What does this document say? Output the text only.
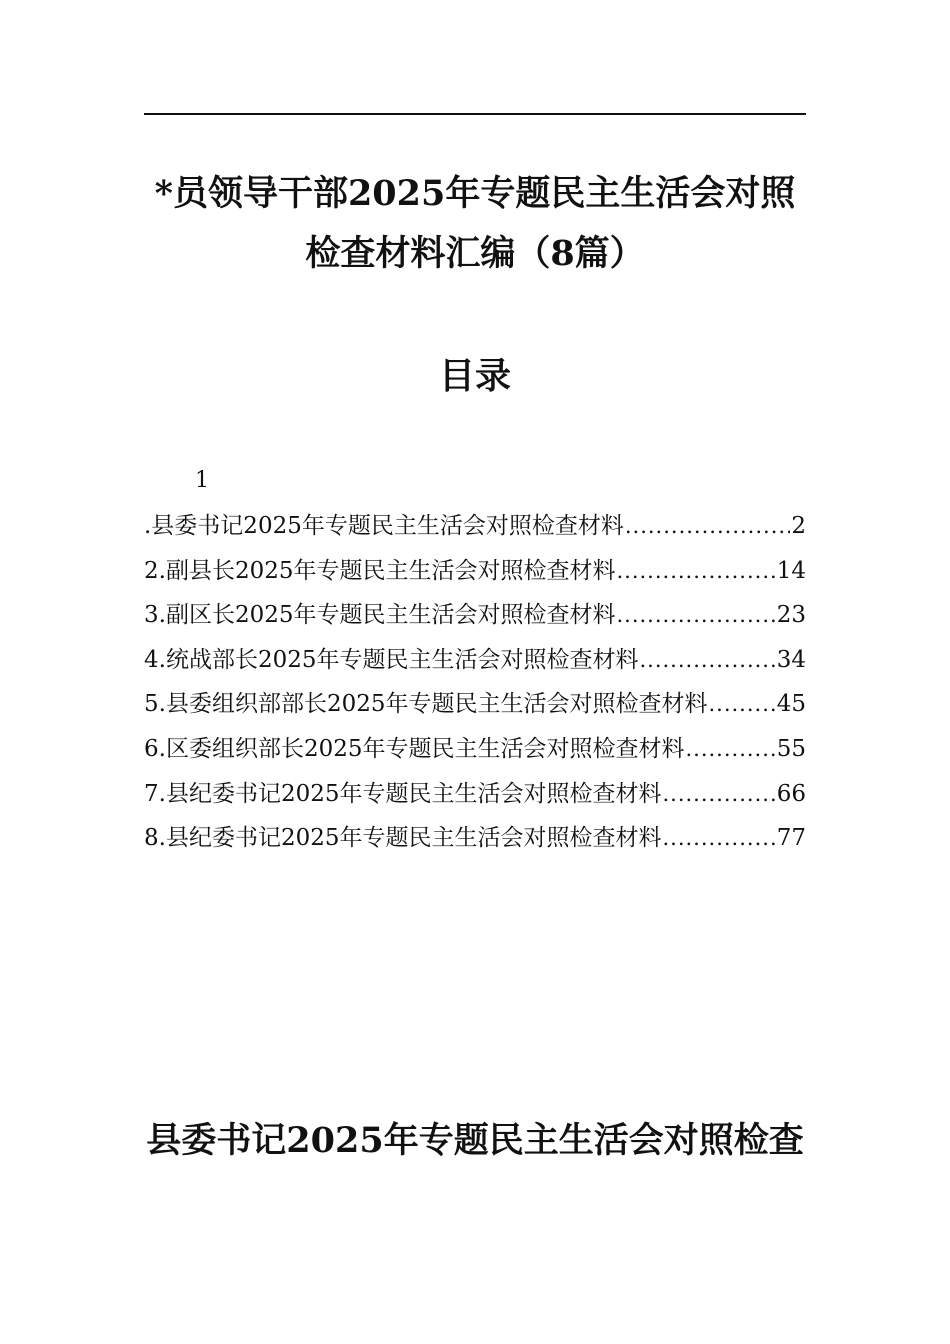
*员领导干部2025年专题民主生活会对照
检查材料汇编（8篇）
目录
1
.县委书记2025年专题民主生活会对照检查材料 .....	2
2.副县长2025年专题民主生活会对照检查材料 .....	14
3.副区长2025年专题民主生活会对照检查材料 .....	23
4.统战部长2025年专题民主生活会对照检查材料 .....	34
5.县委组织部部长2025年专题民主生活会对照检查材料 .....	45
6.区委组织部长2025年专题民主生活会对照检查材料 .....	55
7.县纪委书记2025年专题民主生活会对照检查材料 .....	66
8.县纪委书记2025年专题民主生活会对照检查材料 .....	77
县委书记2025年专题民主生活会对照检查
